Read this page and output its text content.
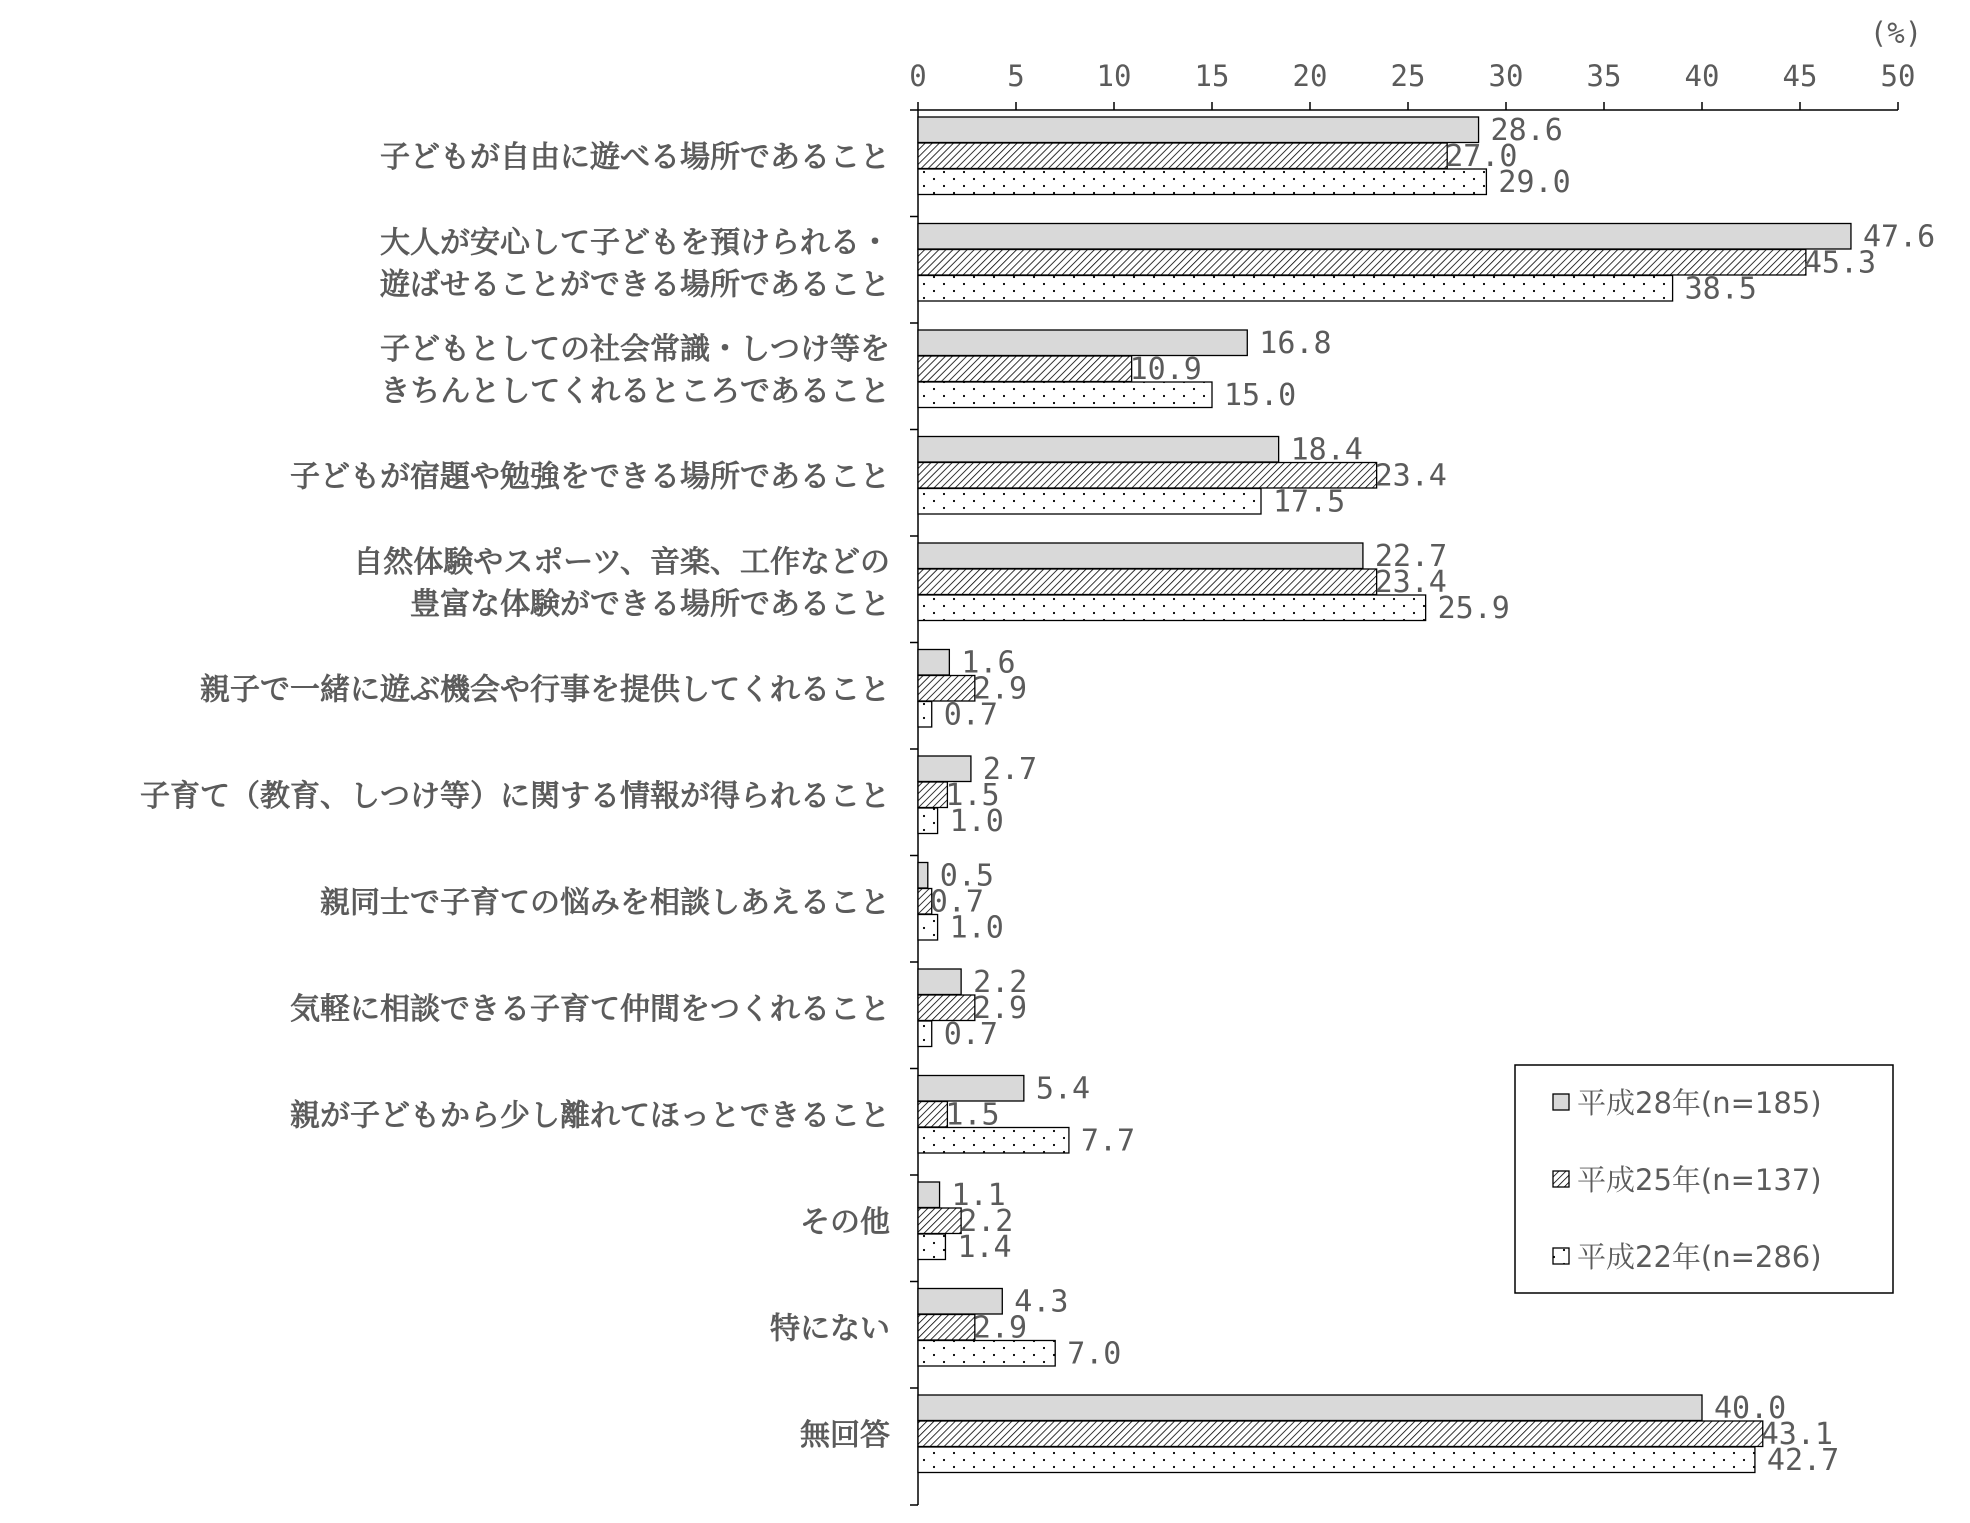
(%)
0	5 10 15 20 25 30 35 40 45 50
子どもが自由に遊べる場所であること
大人が安心して子どもを預けられる・
遊ばせることができる場所であること
子どもとしての社会常識・しつけ等を
きちんとしてくれるところであること
子どもが宿題や勉強をできる場所であること
自然体験やスポーツ、音楽、工作などの
豊富な体験ができる場所であること
親子で一緒に遊ぶ機会や行事を提供してくれること
子育て（教育、しつけ等）に関する情報が得られること
親同士で子育ての悩みを相談しあえること
気軽に相談できる子育て仲間をつくれること
親が子どもから少し離れてほっとできること
その他
特にない
無回答
28.6
27.0
29.0
47.6
45.3
38.5
16.8
10.9
15.0
18.4
23.4
17.5
22.7
23.4
25.9
1.6
2.9
0.7
2.7
1.5
1.0
0.5
0.7
1.0
2.2
2.9
0.7
5.4
1.5
7.7
1.1
2.2
1.4
4.3
2.9
7.0
40.0
43.1
42.7
平成28年(n=185)
平成25年(n=137)
平成22年(n=286)
